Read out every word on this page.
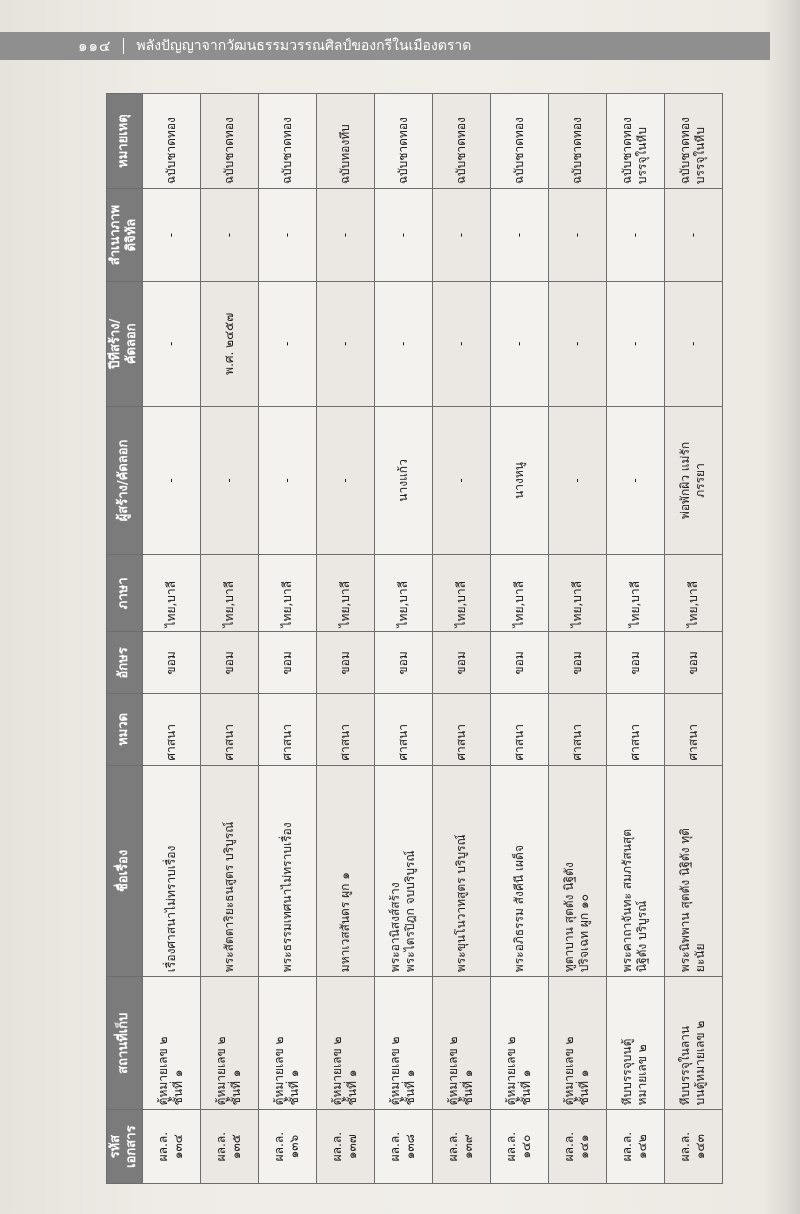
๑๑๔ พลังปัญญาจากวัฒนธรรมวรรณศิลป์ของกรีในเมืองตราด
รหัส เอกสาร	สถานที่เก็บ	ชื่อเรื่อง	หมวด	อักษร	ภาษา	ผู้สร้าง/คัดลอก	ปีที่สร้าง/ คัดลอก	สำเนาภาพ ดิจิทัล	หมายเหตุ

ผล.ล. ๑๓๔	ตู้หมายเลข ๒ ชั้นที่ ๑	เรื่องศาสนาไม่ทราบเรื่อง	ศาสนา	ขอม	ไทย,บาลี	-	-	-	ฉบับชาดทอง

ผล.ล. ๑๓๕	ตู้หมายเลข ๒ ชั้นที่ ๑	พระสัตตาริยะธนสูตร บริบูรณ์	ศาสนา	ขอม	ไทย,บาลี	-	พ.ศ. ๒๔๕๗	-	ฉบับชาดทอง

ผล.ล. ๑๓๖	ตู้หมายเลข ๒ ชั้นที่ ๑	พระธรรมเทศนาไม่ทราบเรื่อง	ศาสนา	ขอม	ไทย,บาลี	-	-	-	ฉบับชาดทอง

ผล.ล. ๑๓๗	ตู้หมายเลข ๒ ชั้นที่ ๑	มหาเวสสันดร ผูก ๑	ศาสนา	ขอม	ไทย,บาลี	-	-	-	ฉบับทองทึบ

ผล.ล. ๑๓๘	ตู้หมายเลข ๒ ชั้นที่ ๑	พระอานิสงส์สร้าง พระไตรปิฎก จบบริบูรณ์	ศาสนา	ขอม	ไทย,บาลี	นางแก้ว	-	-	ฉบับชาดทอง

ผล.ล. ๑๓๙	ตู้หมายเลข ๒ ชั้นที่ ๑	พระขุนโนวาทสูตร บริบูรณ์	ศาสนา	ขอม	ไทย,บาลี	-	-	-	ฉบับชาดทอง

ผล.ล. ๑๔๐	ตู้หมายเลข ๒ ชั้นที่ ๑	พระอภิธรรม สังคีนี เผด็จ	ศาสนา	ขอม	ไทย,บาลี	นางหนู	-	-	ฉบับชาดทอง

ผล.ล. ๑๔๑	ตู้หมายเลข ๒ ชั้นที่ ๑	ทูตาบาน สุตตัง นิฐิตัง ปริจเฉท ผูก ๑๐	ศาสนา	ขอม	ไทย,บาลี	-	-	-	ฉบับชาดทอง

ผล.ล. ๑๔๒	หีบบรรจุบนตู้ หมายเลข ๒	พระคาถาจันทะ สมภรัสนสุต นิฐิตัง บริบูรณ์	ศาสนา	ขอม	ไทย,บาลี	-	-	-	ฉบับชาดทอง บรรจุในหีบ

ผล.ล. ๑๔๓	หีบบรรจุในลาน บนตู้หมายเลข ๒	พระนิพพาน สุตตัง นิฐิตัง ทุติ ยะนัย	ศาสนา	ขอม	ไทย,บาลี	พ่อพักผิว แม่รัก ภรรยา	-	-	ฉบับชาดทอง บรรจุในหีบ
